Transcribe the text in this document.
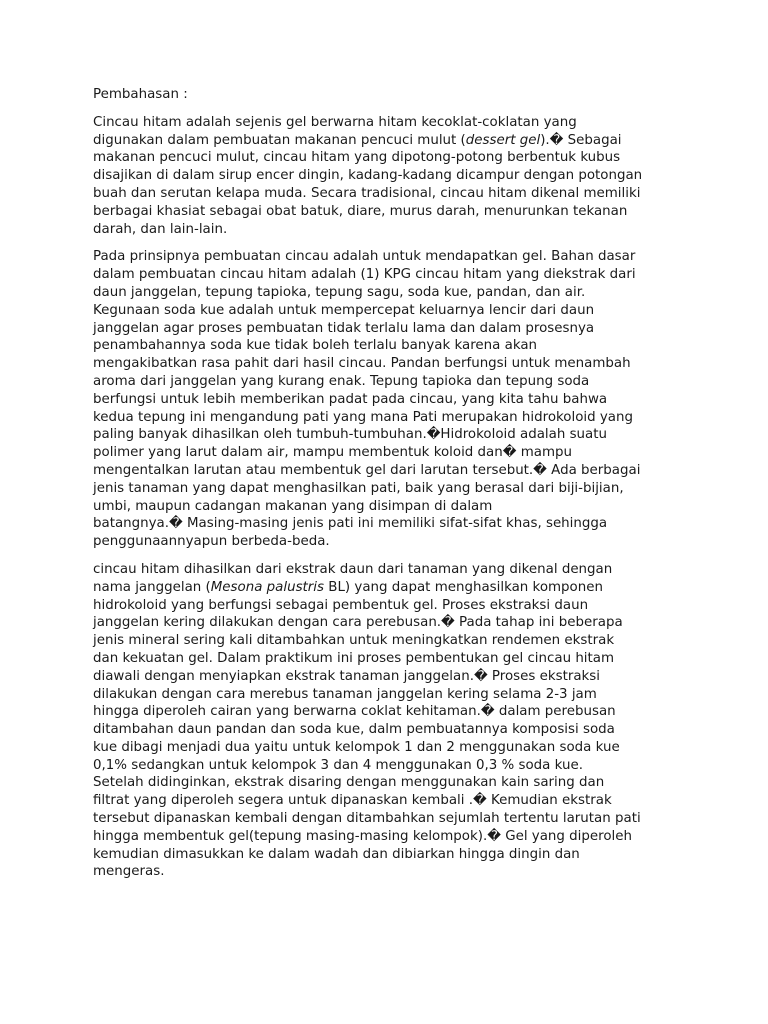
Pembahasan :
Cincau hitam adalah sejenis gel berwarna hitam kecoklat-coklatan yang
digunakan dalam pembuatan makanan pencuci mulut (dessert gel).� Sebagai
makanan pencuci mulut, cincau hitam yang dipotong-potong berbentuk kubus
disajikan di dalam sirup encer dingin, kadang-kadang dicampur dengan potongan
buah dan serutan kelapa muda. Secara tradisional, cincau hitam dikenal memiliki
berbagai khasiat sebagai obat batuk, diare, murus darah, menurunkan tekanan
darah, dan lain-lain.
Pada prinsipnya pembuatan cincau adalah untuk mendapatkan gel. Bahan dasar
dalam pembuatan cincau hitam adalah (1) KPG cincau hitam yang diekstrak dari
daun janggelan, tepung tapioka, tepung sagu, soda kue, pandan, dan air.
Kegunaan soda kue adalah untuk mempercepat keluarnya lencir dari daun
janggelan agar proses pembuatan tidak terlalu lama dan dalam prosesnya
penambahannya soda kue tidak boleh terlalu banyak karena akan
mengakibatkan rasa pahit dari hasil cincau. Pandan berfungsi untuk menambah
aroma dari janggelan yang kurang enak. Tepung tapioka dan tepung soda
berfungsi untuk lebih memberikan padat pada cincau, yang kita tahu bahwa
kedua tepung ini mengandung pati yang mana Pati merupakan hidrokoloid yang
paling banyak dihasilkan oleh tumbuh-tumbuhan.�Hidrokoloid adalah suatu
polimer yang larut dalam air, mampu membentuk koloid dan� mampu
mengentalkan larutan atau membentuk gel dari larutan tersebut.� Ada berbagai
jenis tanaman yang dapat menghasilkan pati, baik yang berasal dari biji-bijian,
umbi, maupun cadangan makanan yang disimpan di dalam
batangnya.� Masing-masing jenis pati ini memiliki sifat-sifat khas, sehingga
penggunaannyapun berbeda-beda.
cincau hitam dihasilkan dari ekstrak daun dari tanaman yang dikenal dengan
nama janggelan (Mesona palustris BL) yang dapat menghasilkan komponen
hidrokoloid yang berfungsi sebagai pembentuk gel. Proses ekstraksi daun
janggelan kering dilakukan dengan cara perebusan.� Pada tahap ini beberapa
jenis mineral sering kali ditambahkan untuk meningkatkan rendemen ekstrak
dan kekuatan gel. Dalam praktikum ini proses pembentukan gel cincau hitam
diawali dengan menyiapkan ekstrak tanaman janggelan.� Proses ekstraksi
dilakukan dengan cara merebus tanaman janggelan kering selama 2-3 jam
hingga diperoleh cairan yang berwarna coklat kehitaman.� dalam perebusan
ditambahan daun pandan dan soda kue, dalm pembuatannya komposisi soda
kue dibagi menjadi dua yaitu untuk kelompok 1 dan 2 menggunakan soda kue
0,1% sedangkan untuk kelompok 3 dan 4 menggunakan 0,3 % soda kue.
Setelah didinginkan, ekstrak disaring dengan menggunakan kain saring dan
filtrat yang diperoleh segera untuk dipanaskan kembali .� Kemudian ekstrak
tersebut dipanaskan kembali dengan ditambahkan sejumlah tertentu larutan pati
hingga membentuk gel(tepung masing-masing kelompok).� Gel yang diperoleh
kemudian dimasukkan ke dalam wadah dan dibiarkan hingga dingin dan
mengeras.
